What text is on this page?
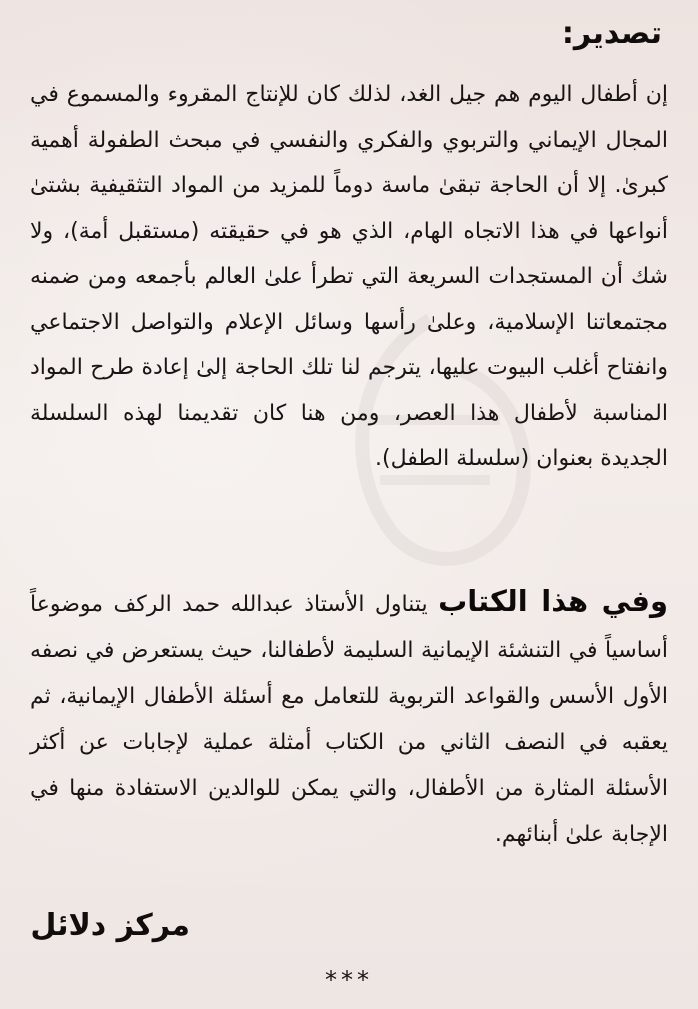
تصدير:

إن أطفال اليوم هم جيل الغد، لذلك كان للإنتاج المقروء والمسموع في المجال الإيماني والتربوي والفكري والنفسي في مبحث الطفولة أهمية كبرىٰ. إلا أن الحاجة تبقىٰ ماسة دوماً للمزيد من المواد التثقيفية بشتىٰ أنواعها في هذا الاتجاه الهام، الذي هو في حقيقته (مستقبل أمة)، ولا شك أن المستجدات السريعة التي تطرأ علىٰ العالم بأجمعه ومن ضمنه مجتمعاتنا الإسلامية، وعلىٰ رأسها وسائل الإعلام والتواصل الاجتماعي وانفتاح أغلب البيوت عليها، يترجم لنا تلك الحاجة إلىٰ إعادة طرح المواد المناسبة لأطفال هذا العصر، ومن هنا كان تقديمنا لهذه السلسلة الجديدة بعنوان (سلسلة الطفل).

وفي هذا الكتاب يتناول الأستاذ عبدالله حمد الركف موضوعاً أساسياً في التنشئة الإيمانية السليمة لأطفالنا، حيث يستعرض في نصفه الأول الأسس والقواعد التربوية للتعامل مع أسئلة الأطفال الإيمانية، ثم يعقبه في النصف الثاني من الكتاب أمثلة عملية لإجابات عن أكثر الأسئلة المثارة من الأطفال، والتي يمكن للوالدين الاستفادة منها في الإجابة علىٰ أبنائهم.

مركز دلائل
***
